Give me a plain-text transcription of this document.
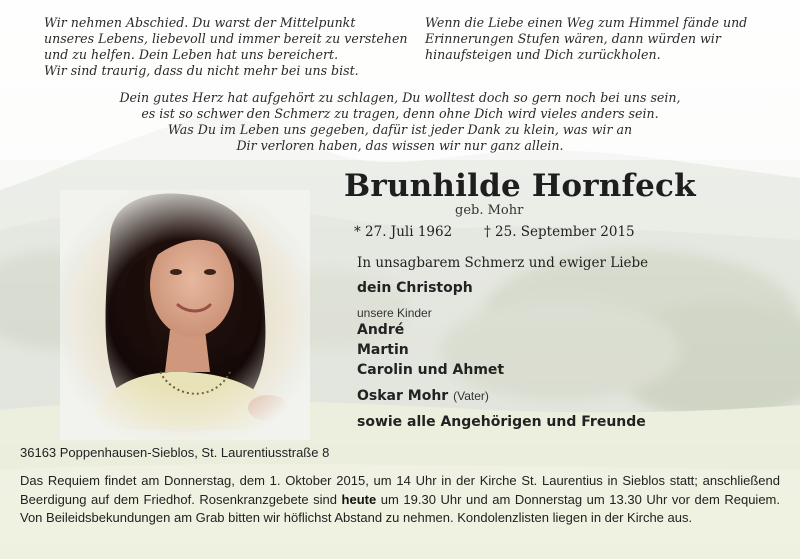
Wir nehmen Abschied. Du warst der Mittelpunkt
unseres Lebens, liebevoll und immer bereit zu verstehen
und zu helfen. Dein Leben hat uns bereichert.
Wir sind traurig, dass du nicht mehr bei uns bist.
Wenn die Liebe einen Weg zum Himmel fände und
Erinnerungen Stufen wären, dann würden wir
hinaufsteigen und Dich zurückholen.
Dein gutes Herz hat aufgehört zu schlagen, Du wolltest doch so gern noch bei uns sein,
es ist so schwer den Schmerz zu tragen, denn ohne Dich wird vieles anders sein.
Was Du im Leben uns gegeben, dafür ist jeder Dank zu klein, was wir an
Dir verloren haben, das wissen wir nur ganz allein.
Brunhilde Hornfeck
geb. Mohr
* 27. Juli 1962 † 25. September 2015
In unsagbarem Schmerz und ewiger Liebe
dein Christoph
unsere Kinder
André
Martin
Carolin und Ahmet
Oskar Mohr (Vater)
sowie alle Angehörigen und Freunde
36163 Poppenhausen-Sieblos, St. Laurentiusstraße 8
Das Requiem findet am Donnerstag, dem 1. Oktober 2015, um 14 Uhr in der Kirche St. Laurentius in Sieblos statt; anschließend Beerdigung auf dem Friedhof. Rosenkranzgebete sind heute um 19.30 Uhr und am Donnerstag um 13.30 Uhr vor dem Requiem. Von Beileidsbekundungen am Grab bitten wir höflichst Abstand zu nehmen. Kondolenzlisten liegen in der Kirche aus.
